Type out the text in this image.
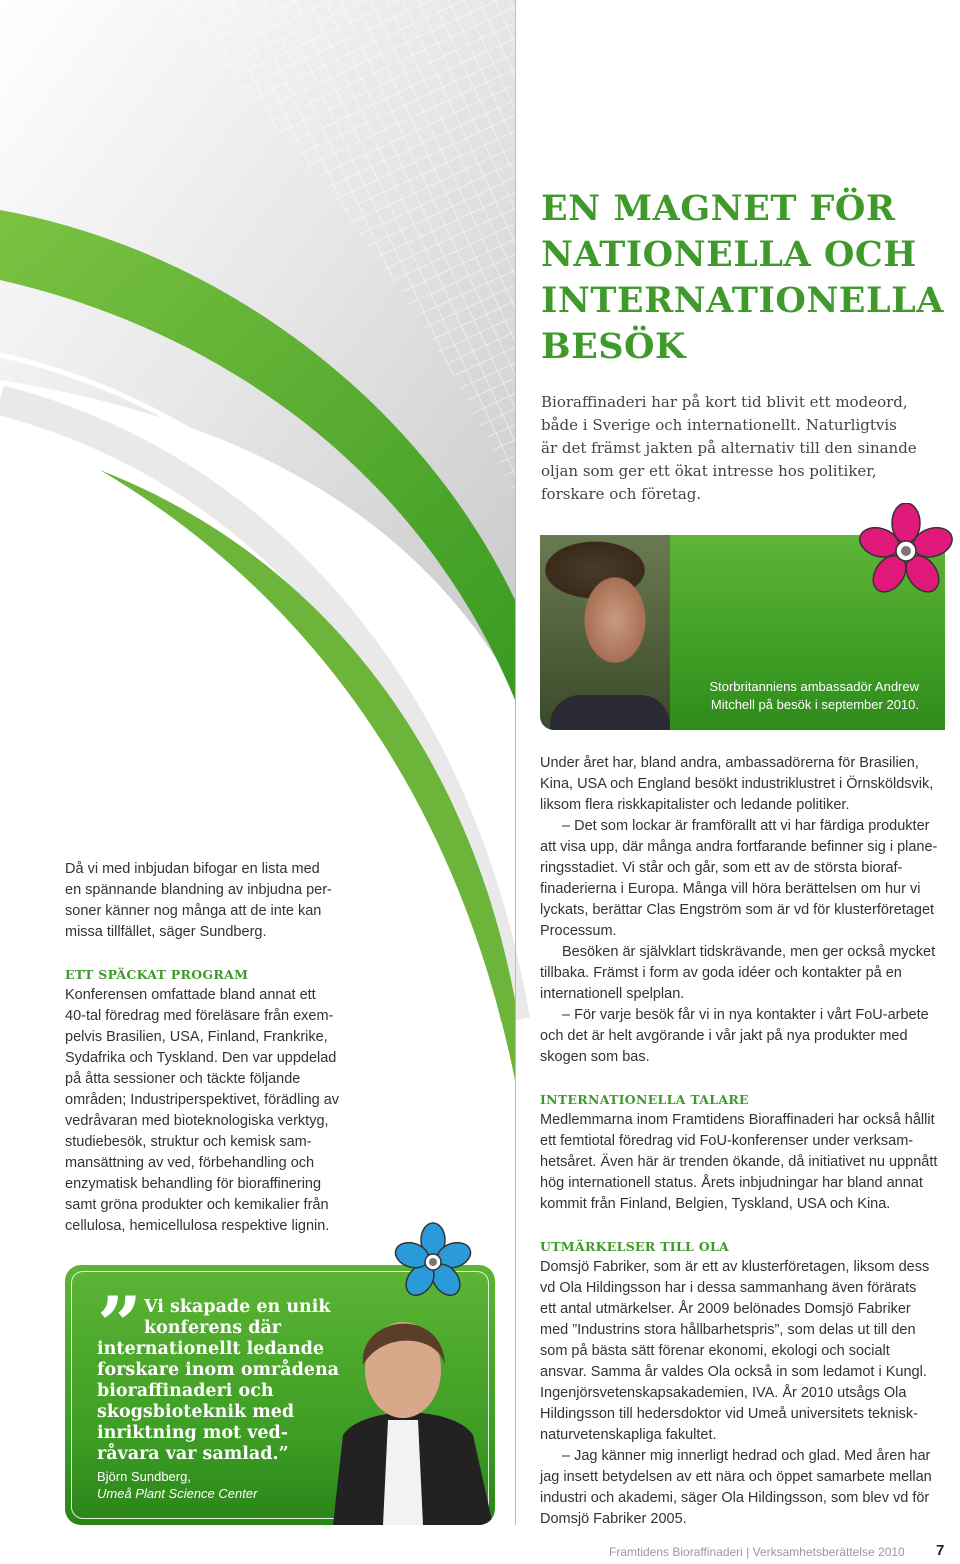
EN MAGNET FÖR
NATIONELLA OCH
INTERNATIONELLA
BESÖK
Bioraffinaderi har på kort tid blivit ett modeord,
både i Sverige och internationellt. Naturligtvis
är det främst jakten på alternativ till den sinande
oljan som ger ett ökat intresse hos politiker,
forskare och företag.
Storbritanniens ambassadör Andrew
Mitchell på besök i september 2010.
Då vi med inbjudan bifogar en lista med
en spännande blandning av inbjudna per-
soner känner nog många att de inte kan
missa tillfället, säger Sundberg.
ETT SPÄCKAT PROGRAM
Konferensen omfattade bland annat ett
40-tal föredrag med föreläsare från exem-
pelvis Brasilien, USA, Finland, Frankrike,
Sydafrika och Tyskland. Den var uppdelad
på åtta sessioner och täckte följande
områden; Industriperspektivet, förädling av
vedråvaran med bioteknologiska verktyg,
studiebesök, struktur och kemisk sam-
mansättning av ved, förbehandling och
enzymatisk behandling för bioraffinering
samt gröna produkter och kemikalier från
cellulosa, hemicellulosa respektive lignin.
Under året har, bland andra, ambassadörerna för Brasilien,
Kina, USA och England besökt industriklustret i Örnsköldsvik,
liksom flera riskkapitalister och ledande politiker.
– Det som lockar är framförallt att vi har färdiga produkter
att visa upp, där många andra fortfarande befinner sig i plane-
ringsstadiet. Vi står och går, som ett av de största bioraf-
finaderierna i Europa. Många vill höra berättelsen om hur vi
lyckats, berättar Clas Engström som är vd för klusterföretaget
Processum.
Besöken är självklart tidskrävande, men ger också mycket
tillbaka. Främst i form av goda idéer och kontakter på en
internationell spelplan.
– För varje besök får vi in nya kontakter i vårt FoU-arbete
och det är helt avgörande i vår jakt på nya produkter med
skogen som bas.
INTERNATIONELLA TALARE
Medlemmarna inom Framtidens Bioraffinaderi har också hållit
ett femtiotal föredrag vid FoU-konferenser under verksam-
hetsåret. Även här är trenden ökande, då initiativet nu uppnått
hög internationell status. Årets inbjudningar har bland annat
kommit från Finland, Belgien, Tyskland, USA och Kina.
UTMÄRKELSER TILL OLA
Domsjö Fabriker, som är ett av klusterföretagen, liksom dess
vd Ola Hildingsson har i dessa sammanhang även förärats
ett antal utmärkelser. År 2009 belönades Domsjö Fabriker
med ”Industrins stora hållbarhetspris”, som delas ut till den
som på bästa sätt förenar ekonomi, ekologi och socialt
ansvar. Samma år valdes Ola också in som ledamot i Kungl.
Ingenjörsvetenskapsakademien, IVA. År 2010 utsågs Ola
Hildingsson till hedersdoktor vid Umeå universitets teknisk-
naturvetenskapliga fakultet.
– Jag känner mig innerligt hedrad och glad. Med åren har
jag insett betydelsen av ett nära och öppet samarbete mellan
industri och akademi, säger Ola Hildingsson, som blev vd för
Domsjö Fabriker 2005.
” Vi skapade en unik
konferens där
internationellt ledande
forskare inom områdena
bioraffinaderi och
skogsbioteknik med
inriktning mot ved-
råvara var samlad.”
Björn Sundberg,
Umeå Plant Science Center
Framtidens Bioraffinaderi | Verksamhetsberättelse 2010 7
